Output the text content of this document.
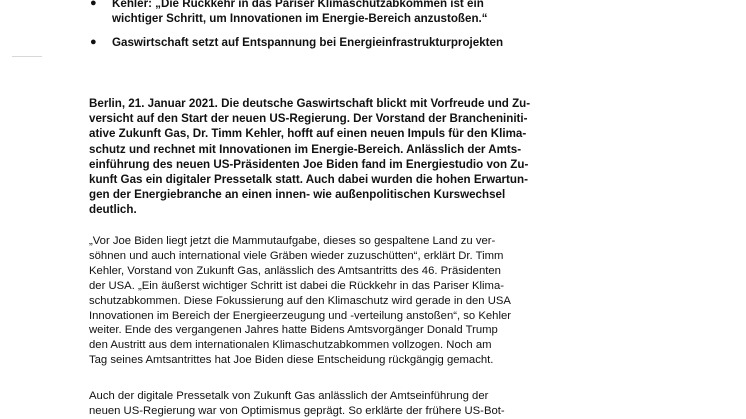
● Kehler: „Die Rückkehr in das Pariser Klimaschutzabkommen ist ein
wichtiger Schritt, um Innovationen im Energie-Bereich anzustoßen.“
● Gaswirtschaft setzt auf Entspannung bei Energieinfrastrukturprojekten

Berlin, 21. Januar 2021. Die deutsche Gaswirtschaft blickt mit Vorfreude und Zu-
versicht auf den Start der neuen US-Regierung. Der Vorstand der Brancheniniti-
ative Zukunft Gas, Dr. Timm Kehler, hofft auf einen neuen Impuls für den Klima-
schutz und rechnet mit Innovationen im Energie-Bereich. Anlässlich der Amts-
einführung des neuen US-Präsidenten Joe Biden fand im Energiestudio von Zu-
kunft Gas ein digitaler Pressetalk statt. Auch dabei wurden die hohen Erwartun-
gen der Energiebranche an einen innen- wie außenpolitischen Kurswechsel
deutlich.

„Vor Joe Biden liegt jetzt die Mammutaufgabe, dieses so gespaltene Land zu ver-
söhnen und auch international viele Gräben wieder zuzuschütten“, erklärt Dr. Timm
Kehler, Vorstand von Zukunft Gas, anlässlich des Amtsantritts des 46. Präsidenten
der USA. „Ein äußerst wichtiger Schritt ist dabei die Rückkehr in das Pariser Klima-
schutzabkommen. Diese Fokussierung auf den Klimaschutz wird gerade in den USA
Innovationen im Bereich der Energieerzeugung und -verteilung anstoßen“, so Kehler
weiter. Ende des vergangenen Jahres hatte Bidens Amtsvorgänger Donald Trump
den Austritt aus dem internationalen Klimaschutzabkommen vollzogen. Noch am
Tag seines Amtsantrittes hat Joe Biden diese Entscheidung rückgängig gemacht.

Auch der digitale Pressetalk von Zukunft Gas anlässlich der Amtseinführung der
neuen US-Regierung war von Optimismus geprägt. So erklärte der frühere US-Bot-
